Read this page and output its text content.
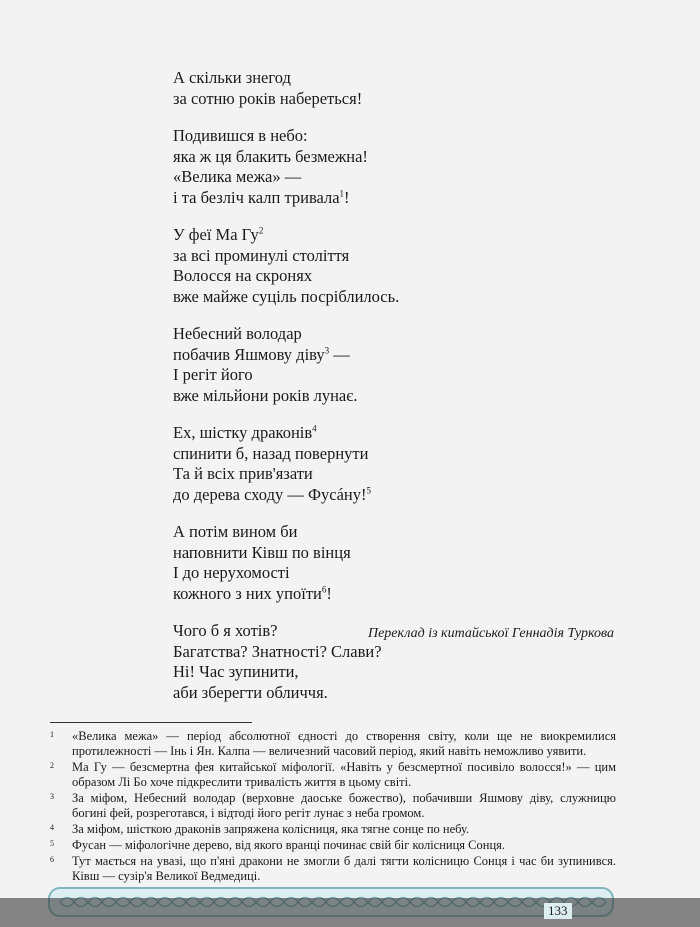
А скільки знегод
за сотню років набереться!
Подивишся в небо:
яка ж ця блакить безмежна!
«Велика межа» —
і та безліч калп тривала$^1$!
У феї Ма $Гу^2$
за всі проминулі століття
Волосся на скронях
вже майже суціль посріблилось.
Небесний володар
побачив Яшмову діву$^3$ —
І регіт його
вже мільйони років лунає.
Ех, шістку драконів$^4$
спинити б, назад повернути
Та й всіх прив'язати
до дерева сходу — Фусáну!$^5$
А потім вином би
наповнити Ківш по вінця
І до нерухомості
кожного з них упоїти$^6$!
Чого б я хотів?
Багатства? Знатності? Слави?
Ні! Час зупинити,
аби зберегти обличчя.
Переклад із китайської Геннадія Туркова
1 «Велика межа» — період абсолютної єдності до створення світу, коли ще не виокремилися протилежності — Інь і Ян. Калпа — величезний часовий період, який навіть неможливо уявити.
2 Ма Гу — безсмертна фея китайської міфології. «Навіть у безсмертної посивіло волосся!» — цим образом Лі Бо хоче підкреслити тривалість життя в цьому світі.
3 За міфом, Небесний володар (верховне даоське божество), побачивши Яшмову діву, служницю богині фей, розреготався, і відтоді його регіт лунає з неба громом.
4 За міфом, шісткою драконів запряжена колісниця, яка тягне сонце по небу.
5 Фусан — міфологічне дерево, від якого вранці починає свій біг колісниця Сонця.
6 Тут мається на увазі, що п'яні дракони не змогли б далі тягти колісницю Сонця і час би зупинився. Ківш — сузір'я Великої Ведмедиці.
133
